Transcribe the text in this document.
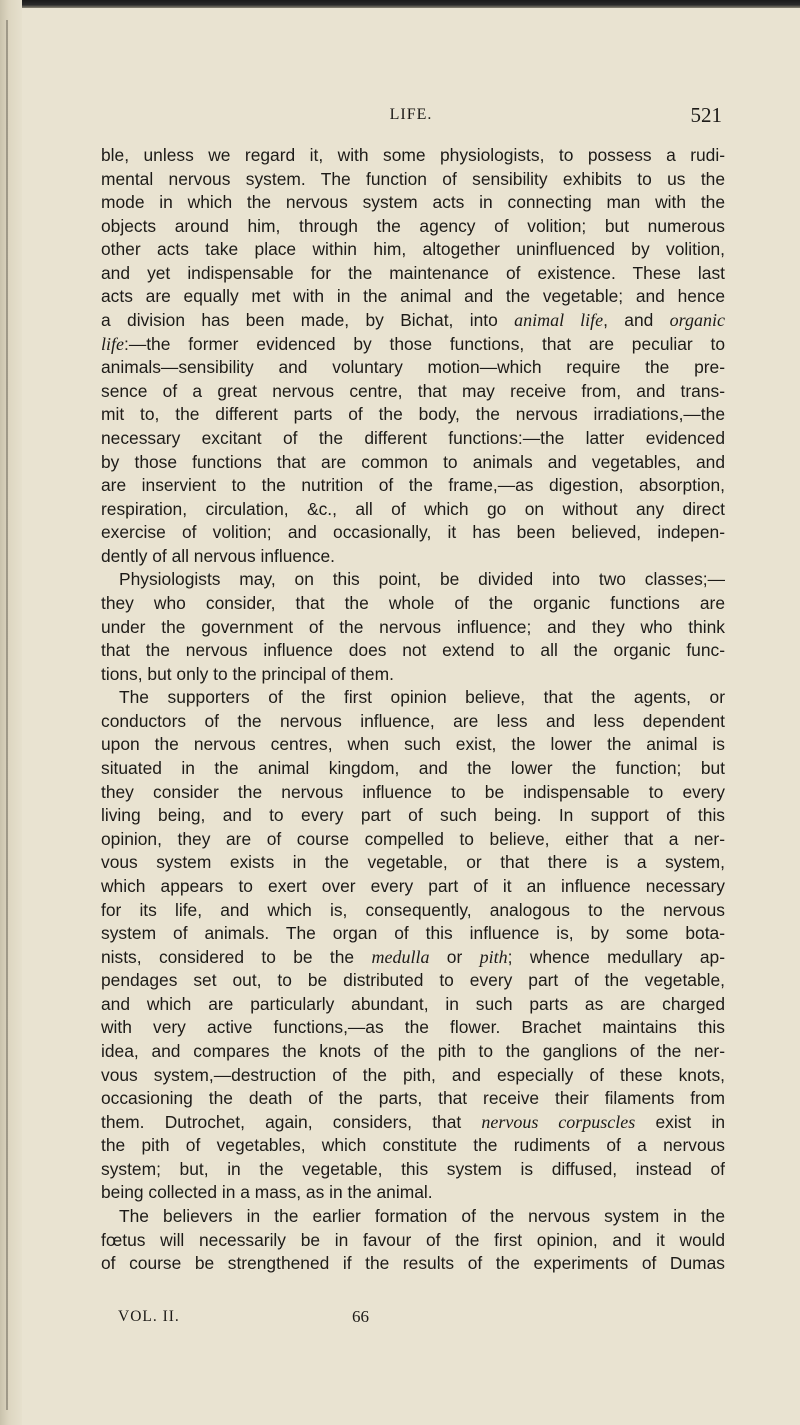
LIFE.	521
ble, unless we regard it, with some physiologists, to possess a rudi-
mental nervous system. The function of sensibility exhibits to us the
mode in which the nervous system acts in connecting man with the
objects around him, through the agency of volition; but numerous
other acts take place within him, altogether uninfluenced by volition,
and yet indispensable for the maintenance of existence. These last
acts are equally met with in the animal and the vegetable; and hence
a division has been made, by Bichat, into animal life, and organic
life:—the former evidenced by those functions, that are peculiar to
animals—sensibility and voluntary motion—which require the pre-
sence of a great nervous centre, that may receive from, and trans-
mit to, the different parts of the body, the nervous irradiations,—the
necessary excitant of the different functions:—the latter evidenced
by those functions that are common to animals and vegetables, and
are inservient to the nutrition of the frame,—as digestion, absorption,
respiration, circulation, &c., all of which go on without any direct
exercise of volition; and occasionally, it has been believed, indepen-
dently of all nervous influence.
Physiologists may, on this point, be divided into two classes;—
they who consider, that the whole of the organic functions are
under the government of the nervous influence; and they who think
that the nervous influence does not extend to all the organic func-
tions, but only to the principal of them.
The supporters of the first opinion believe, that the agents, or
conductors of the nervous influence, are less and less dependent
upon the nervous centres, when such exist, the lower the animal is
situated in the animal kingdom, and the lower the function; but
they consider the nervous influence to be indispensable to every
living being, and to every part of such being. In support of this
opinion, they are of course compelled to believe, either that a ner-
vous system exists in the vegetable, or that there is a system,
which appears to exert over every part of it an influence necessary
for its life, and which is, consequently, analogous to the nervous
system of animals. The organ of this influence is, by some bota-
nists, considered to be the medulla or pith; whence medullary ap-
pendages set out, to be distributed to every part of the vegetable,
and which are particularly abundant, in such parts as are charged
with very active functions,—as the flower. Brachet maintains this
idea, and compares the knots of the pith to the ganglions of the ner-
vous system,—destruction of the pith, and especially of these knots,
occasioning the death of the parts, that receive their filaments from
them. Dutrochet, again, considers, that nervous corpuscles exist in
the pith of vegetables, which constitute the rudiments of a nervous
system; but, in the vegetable, this system is diffused, instead of
being collected in a mass, as in the animal.
The believers in the earlier formation of the nervous system in the
fœtus will necessarily be in favour of the first opinion, and it would
of course be strengthened if the results of the experiments of Dumas
VOL. II.	66
